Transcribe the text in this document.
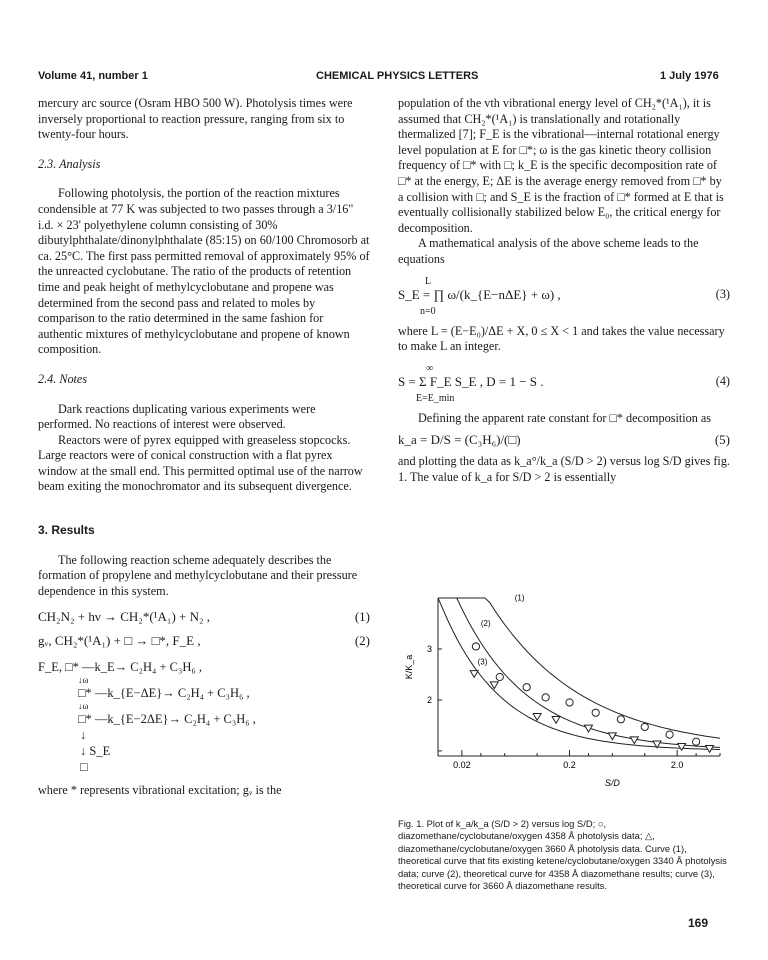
Volume 41, number 1	CHEMICAL PHYSICS LETTERS	1 July 1976

mercury arc source (Osram HBO 500 W). Photolysis times were inversely proportional to reaction pressure, ranging from six to twenty-four hours.

2.3. Analysis

Following photolysis, the portion of the reaction mixtures condensible at 77 K was subjected to two passes through a 3/16" i.d. × 23' polyethylene column consisting of 30% dibutylphthalate/dinonylphthalate (85:15) on 60/100 Chromosorb at ca. 25°C. The first pass permitted removal of approximately 95% of the unreacted cyclobutane. The ratio of the products of retention time and peak height of methylcyclobutane and propene was determined from the second pass and related to moles by comparison to the ratio determined in the same fashion for authentic mixtures of methylcyclobutane and propene of known composition.

2.4. Notes

Dark reactions duplicating various experiments were performed. No reactions of interest were observed.

Reactors were of pyrex equipped with greaseless stopcocks. Large reactors were of conical construction with a flat pyrex window at the small end. This permitted optimal use of the narrow beam exiting the monochromator and its subsequent divergence.

3. Results

The following reaction scheme adequately describes the formation of propylene and methylcyclobutane and their pressure dependence in this system.

CH₂N₂ + hν → CH₂*(¹A₁) + N₂ ,	(1)
gᵥ, CH₂*(¹A₁) + □ → □*, F_E ,	(2)
F_E, □* —k_E→ C₂H₄ + C₃H₆ ,
↓ω
□* —k_{E−ΔE}→ C₂H₄ + C₃H₆ ,
↓ω
□* —k_{E−2ΔE}→ C₂H₄ + C₃H₆ ,
↓
↓ S_E
□

where * represents vibrational excitation; gᵥ is the

population of the vth vibrational energy level of CH₂*(¹A₁), it is assumed that CH₂*(¹A₁) is translationally and rotationally thermalized [7]; F_E is the vibrational—internal rotational energy level population at E for □*; ω is the gas kinetic theory collision frequency of □* with □; k_E is the specific decomposition rate of □* at the energy, E; ΔE is the average energy removed from □* by a collision with □; and S_E is the fraction of □* formed at E that is eventually collisionally stabilized below E₀, the critical energy for decomposition.

A mathematical analysis of the above scheme leads to the equations

L
S_E = ∏ ω/(k_{E−nΔE} + ω) ,
n=0
(3)

where L = (E−E₀)/ΔE + X, 0 ≤ X < 1 and takes the value necessary to make L an integer.

∞
S = Σ F_E S_E , D = 1 − S .
E=E_min
(4)

Defining the apparent rate constant for □* decomposition as

k_a = D/S = (C₃H₆)/(□)	(5)

and plotting the data as k_a°/k_a (S/D > 2) versus log S/D gives fig. 1. The value of k_a for S/D > 2 is essentially

0.02	0.2	2.0
2
3
K/K_a
S/D
(1)
(2)
(3)
Fig. 1. Plot of k_a/k_a (S/D > 2) versus log S/D; ○, diazomethane/cyclobutane/oxygen 4358 Å photolysis data; △, diazomethane/cyclobutane/oxygen 3660 Å photolysis data. Curve (1), theoretical curve that fits existing ketene/cyclobutane/oxygen 3340 Å photolysis data; curve (2), theoretical curve for 4358 Å diazomethane results; curve (3), theoretical curve for 3660 Å diazomethane results.
169
